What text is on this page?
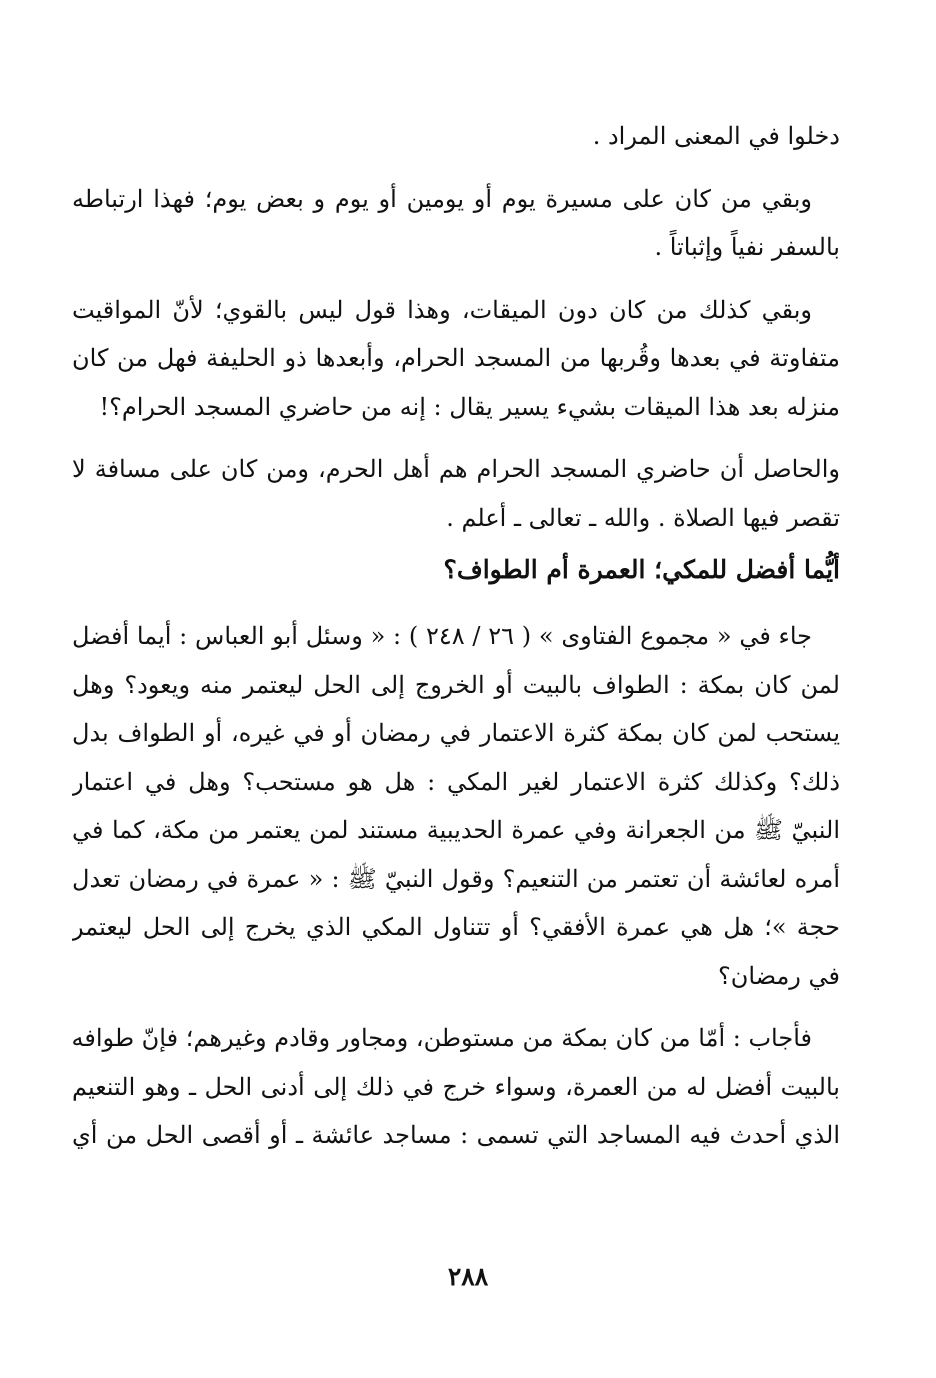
دخلوا في المعنى المراد .
وبقي من كان على مسيرة يوم أو يومين أو يوم و بعض يوم؛ فهذا ارتباطه
بالسفر نفياً وإثباتاً .
وبقي كذلك من كان دون الميقات، وهذا قول ليس بالقوي؛ لأنّ المواقيت
متفاوتة في بعدها وقُربها من المسجد الحرام، وأبعدها ذو الحليفة فهل من كان
منزله بعد هذا الميقات بشيء يسير يقال : إنه من حاضري المسجد الحرام؟!
والحاصل أن حاضري المسجد الحرام هم أهل الحرم، ومن كان على مسافة لا
تقصر فيها الصلاة . والله ـ تعالى ـ أعلم .
أيُّما أفضل للمكي؛ العمرة أم الطواف؟
جاء في « مجموع الفتاوى » ( ٢٦ / ٢٤٨ ) : « وسئل أبو العباس : أيما أفضل
لمن كان بمكة : الطواف بالبيت أو الخروج إلى الحل ليعتمر منه ويعود؟ وهل
يستحب لمن كان بمكة كثرة الاعتمار في رمضان أو في غيره، أو الطواف بدل
ذلك؟ وكذلك كثرة الاعتمار لغير المكي : هل هو مستحب؟ وهل في اعتمار
النبيّ ﷺ من الجعرانة وفي عمرة الحديبية مستند لمن يعتمر من مكة، كما في
أمره لعائشة أن تعتمر من التنعيم؟ وقول النبيّ ﷺ : « عمرة في رمضان تعدل
حجة »؛ هل هي عمرة الأفقي؟ أو تتناول المكي الذي يخرج إلى الحل ليعتمر
في رمضان؟
فأجاب : أمّا من كان بمكة من مستوطن، ومجاور وقادم وغيرهم؛ فإنّ طوافه
بالبيت أفضل له من العمرة، وسواء خرج في ذلك إلى أدنى الحل ـ وهو التنعيم
الذي أحدث فيه المساجد التي تسمى : مساجد عائشة ـ أو أقصى الحل من أي
٢٨٨
